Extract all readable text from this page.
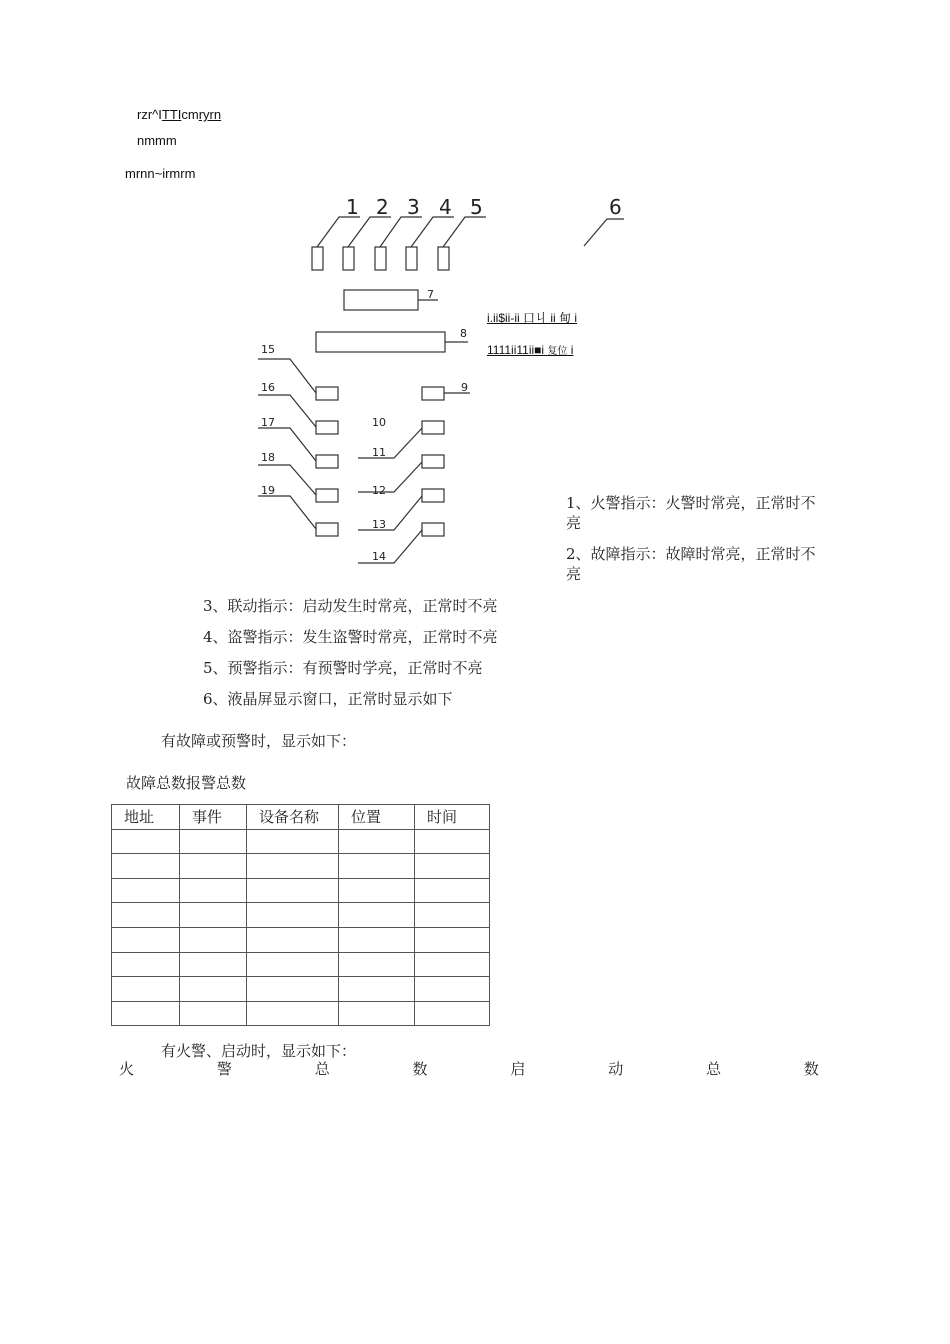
rzr^ITTIcmryrn
nmmm
mrnn~irmrm
1 2 3 4 5	6
7
8
9
10
11
12
13
14
15
16
17
18
19
i.ii$ii-ii 口丩 ii 甸 i
1111ii11ii■i 复位 i
1、火警指示：火警时常亮，正常时不亮
2、故障指示：故障时常亮，正常时不亮
3、联动指示：启动发生时常亮，正常时不亮
4、盗警指示：发生盗警时常亮，正常时不亮
5、预警指示：有预警时学亮，正常时不亮
6、液晶屏显示窗口，正常时显示如下
有故障或预警时，显示如下：
故障总数报警总数
地址	事件	设备名称	位置	时间

有火警、启动时，显示如下：
火	警	总	数	启	动	总	数
